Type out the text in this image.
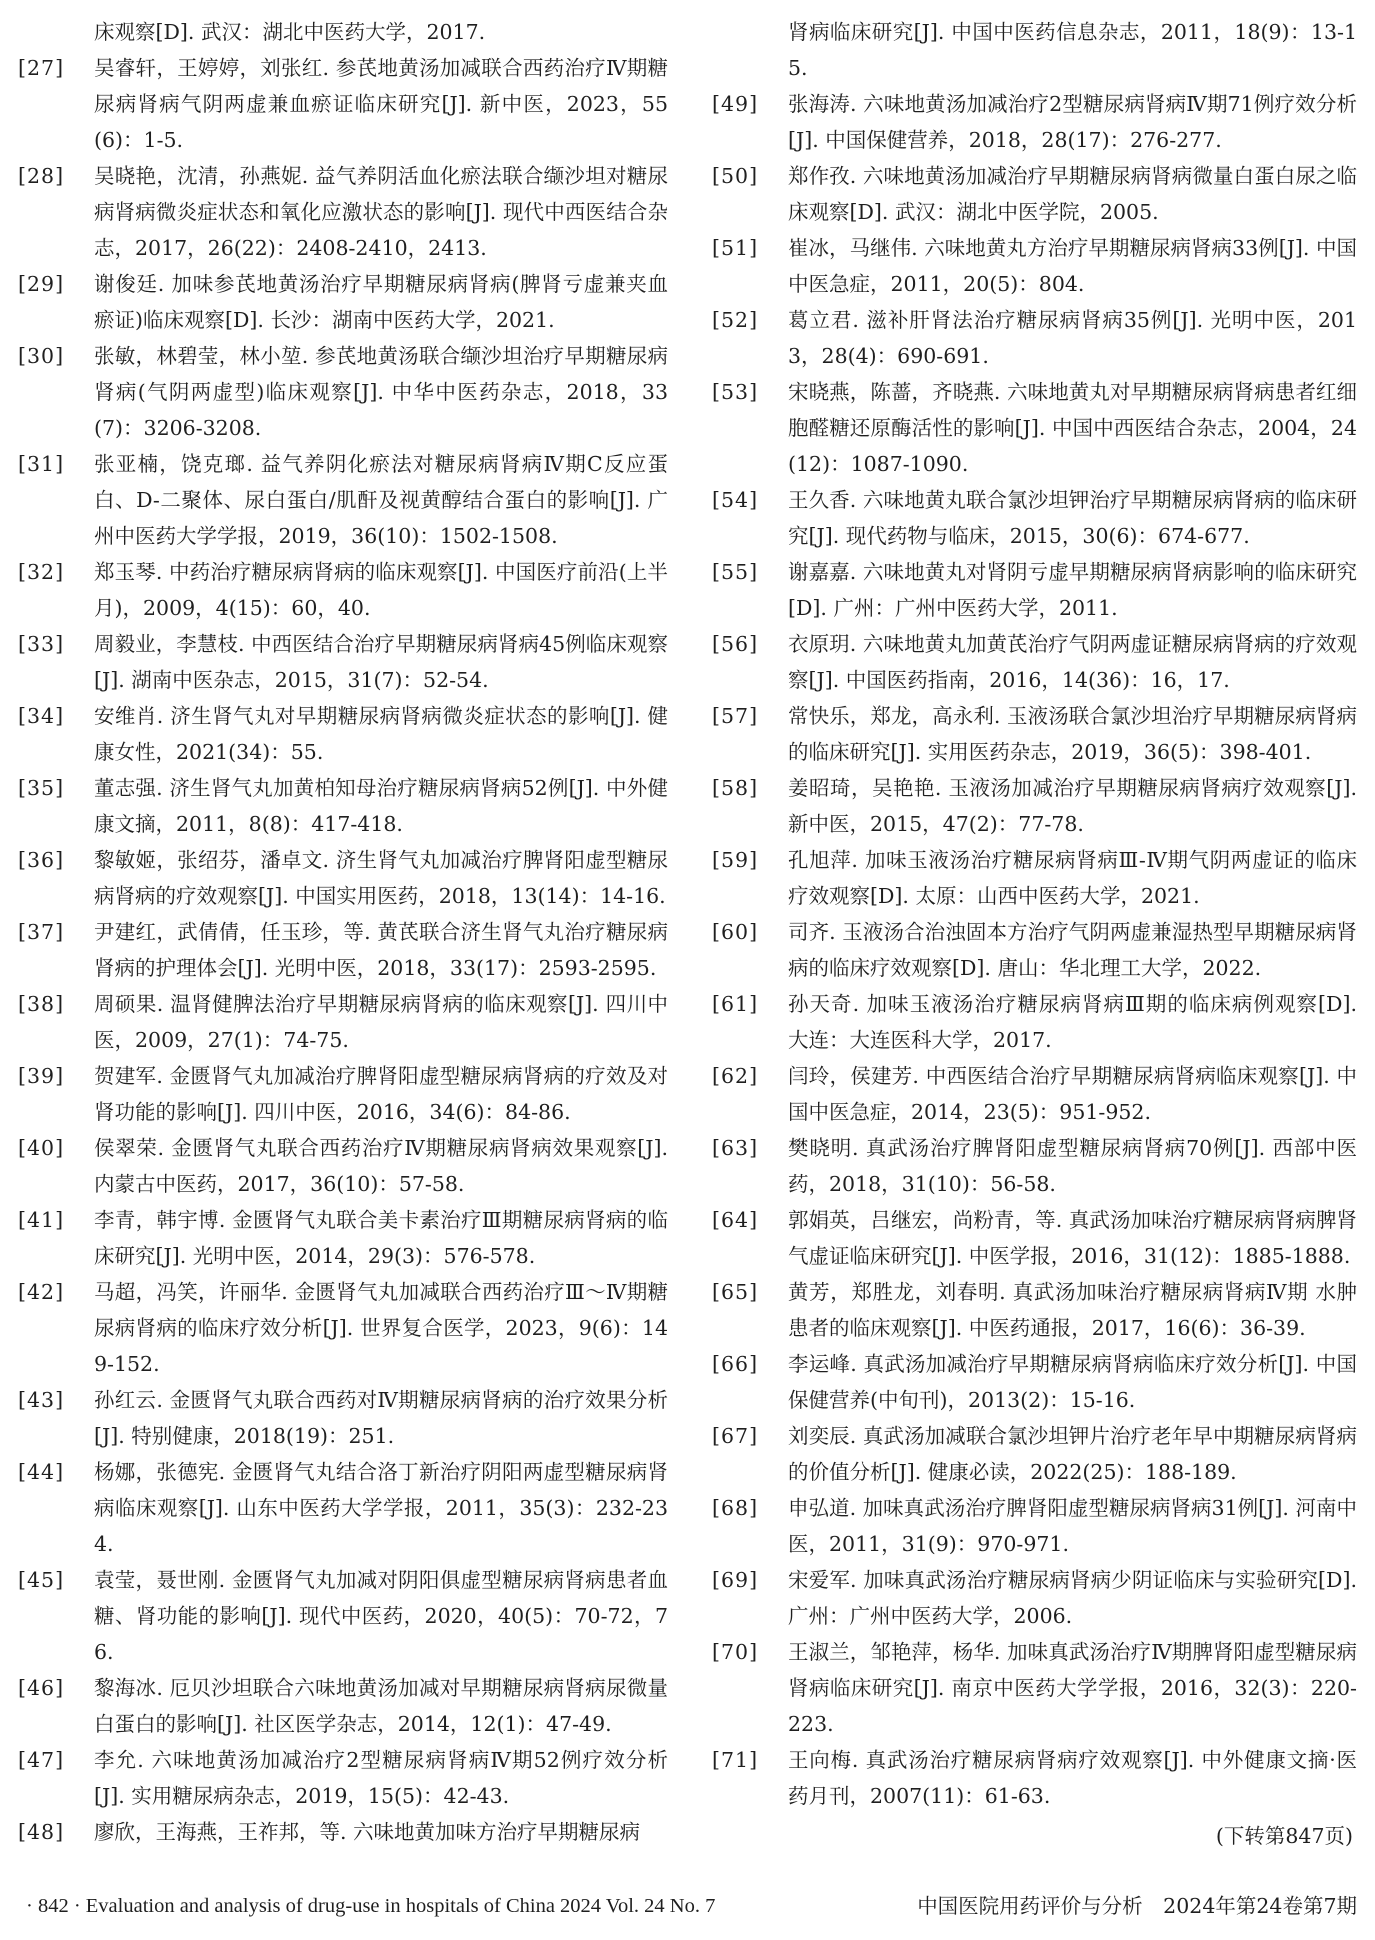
床观察[D]. 武汉：湖北中医药大学，2017.
[27]	吴睿轩，王婷婷，刘张红. 参芪地黄汤加减联合西药治疗Ⅳ期糖尿病肾病气阴两虚兼血瘀证临床研究[J]. 新中医，2023，55(6)：1-5.
[28]	吴晓艳，沈清，孙燕妮. 益气养阴活血化瘀法联合缬沙坦对糖尿病肾病微炎症状态和氧化应激状态的影响[J]. 现代中西医结合杂志，2017，26(22)：2408-2410，2413.
[29]	谢俊廷. 加味参芪地黄汤治疗早期糖尿病肾病(脾肾亏虚兼夹血瘀证)临床观察[D]. 长沙：湖南中医药大学，2021.
[30]	张敏，林碧莹，林小堃. 参芪地黄汤联合缬沙坦治疗早期糖尿病肾病(气阴两虚型)临床观察[J]. 中华中医药杂志，2018，33(7)：3206-3208.
[31]	张亚楠，饶克瑯. 益气养阴化瘀法对糖尿病肾病Ⅳ期C反应蛋白、D-二聚体、尿白蛋白/肌酐及视黄醇结合蛋白的影响[J]. 广州中医药大学学报，2019，36(10)：1502-1508.
[32]	郑玉琴. 中药治疗糖尿病肾病的临床观察[J]. 中国医疗前沿(上半月)，2009，4(15)：60，40.
[33]	周毅业，李慧枝. 中西医结合治疗早期糖尿病肾病45例临床观察[J]. 湖南中医杂志，2015，31(7)：52-54.
[34]	安维肖. 济生肾气丸对早期糖尿病肾病微炎症状态的影响[J]. 健康女性，2021(34)：55.
[35]	董志强. 济生肾气丸加黄柏知母治疗糖尿病肾病52例[J]. 中外健康文摘，2011，8(8)：417-418.
[36]	黎敏姬，张绍芬，潘卓文. 济生肾气丸加减治疗脾肾阳虚型糖尿病肾病的疗效观察[J]. 中国实用医药，2018，13(14)：14-16.
[37]	尹建红，武倩倩，任玉珍，等. 黄芪联合济生肾气丸治疗糖尿病肾病的护理体会[J]. 光明中医，2018，33(17)：2593-2595.
[38]	周硕果. 温肾健脾法治疗早期糖尿病肾病的临床观察[J]. 四川中医，2009，27(1)：74-75.
[39]	贺建军. 金匮肾气丸加减治疗脾肾阳虚型糖尿病肾病的疗效及对肾功能的影响[J]. 四川中医，2016，34(6)：84-86.
[40]	侯翠荣. 金匮肾气丸联合西药治疗Ⅳ期糖尿病肾病效果观察[J]. 内蒙古中医药，2017，36(10)：57-58.
[41]	李青，韩宇博. 金匮肾气丸联合美卡素治疗Ⅲ期糖尿病肾病的临床研究[J]. 光明中医，2014，29(3)：576-578.
[42]	马超，冯笑，许丽华. 金匮肾气丸加减联合西药治疗Ⅲ～Ⅳ期糖尿病肾病的临床疗效分析[J]. 世界复合医学，2023，9(6)：149-152.
[43]	孙红云. 金匮肾气丸联合西药对Ⅳ期糖尿病肾病的治疗效果分析[J]. 特别健康，2018(19)：251.
[44]	杨娜，张德宪. 金匮肾气丸结合洛丁新治疗阴阳两虚型糖尿病肾病临床观察[J]. 山东中医药大学学报，2011，35(3)：232-234.
[45]	袁莹，聂世刚. 金匮肾气丸加减对阴阳俱虚型糖尿病肾病患者血糖、肾功能的影响[J]. 现代中医药，2020，40(5)：70-72，76.
[46]	黎海冰. 厄贝沙坦联合六味地黄汤加减对早期糖尿病肾病尿微量白蛋白的影响[J]. 社区医学杂志，2014，12(1)：47-49.
[47]	李允. 六味地黄汤加减治疗2型糖尿病肾病Ⅳ期52例疗效分析[J]. 实用糖尿病杂志，2019，15(5)：42-43.
[48]	廖欣，王海燕，王祚邦，等. 六味地黄加味方治疗早期糖尿病
肾病临床研究[J]. 中国中医药信息杂志，2011，18(9)：13-15.
[49]	张海涛. 六味地黄汤加减治疗2型糖尿病肾病Ⅳ期71例疗效分析[J]. 中国保健营养，2018，28(17)：276-277.
[50]	郑作孜. 六味地黄汤加减治疗早期糖尿病肾病微量白蛋白尿之临床观察[D]. 武汉：湖北中医学院，2005.
[51]	崔冰，马继伟. 六味地黄丸方治疗早期糖尿病肾病33例[J]. 中国中医急症，2011，20(5)：804.
[52]	葛立君. 滋补肝肾法治疗糖尿病肾病35例[J]. 光明中医，2013，28(4)：690-691.
[53]	宋晓燕，陈蔷，齐晓燕. 六味地黄丸对早期糖尿病肾病患者红细胞醛糖还原酶活性的影响[J]. 中国中西医结合杂志，2004，24(12)：1087-1090.
[54]	王久香. 六味地黄丸联合氯沙坦钾治疗早期糖尿病肾病的临床研究[J]. 现代药物与临床，2015，30(6)：674-677.
[55]	谢嘉嘉. 六味地黄丸对肾阴亏虚早期糖尿病肾病影响的临床研究[D]. 广州：广州中医药大学，2011.
[56]	衣原玥. 六味地黄丸加黄芪治疗气阴两虚证糖尿病肾病的疗效观察[J]. 中国医药指南，2016，14(36)：16，17.
[57]	常快乐，郑龙，高永利. 玉液汤联合氯沙坦治疗早期糖尿病肾病的临床研究[J]. 实用医药杂志，2019，36(5)：398-401.
[58]	姜昭琦，吴艳艳. 玉液汤加减治疗早期糖尿病肾病疗效观察[J]. 新中医，2015，47(2)：77-78.
[59]	孔旭萍. 加味玉液汤治疗糖尿病肾病Ⅲ-Ⅳ期气阴两虚证的临床疗效观察[D]. 太原：山西中医药大学，2021.
[60]	司齐. 玉液汤合治浊固本方治疗气阴两虚兼湿热型早期糖尿病肾病的临床疗效观察[D]. 唐山：华北理工大学，2022.
[61]	孙天奇. 加味玉液汤治疗糖尿病肾病Ⅲ期的临床病例观察[D]. 大连：大连医科大学，2017.
[62]	闫玲，侯建芳. 中西医结合治疗早期糖尿病肾病临床观察[J]. 中国中医急症，2014，23(5)：951-952.
[63]	樊晓明. 真武汤治疗脾肾阳虚型糖尿病肾病70例[J]. 西部中医药，2018，31(10)：56-58.
[64]	郭娟英，吕继宏，尚粉青，等. 真武汤加味治疗糖尿病肾病脾肾气虚证临床研究[J]. 中医学报，2016，31(12)：1885-1888.
[65]	黄芳，郑胜龙，刘春明. 真武汤加味治疗糖尿病肾病Ⅳ期 水肿患者的临床观察[J]. 中医药通报，2017，16(6)：36-39.
[66]	李运峰. 真武汤加减治疗早期糖尿病肾病临床疗效分析[J]. 中国保健营养(中旬刊)，2013(2)：15-16.
[67]	刘奕辰. 真武汤加减联合氯沙坦钾片治疗老年早中期糖尿病肾病的价值分析[J]. 健康必读，2022(25)：188-189.
[68]	申弘道. 加味真武汤治疗脾肾阳虚型糖尿病肾病31例[J]. 河南中医，2011，31(9)：970-971.
[69]	宋爱军. 加味真武汤治疗糖尿病肾病少阴证临床与实验研究[D]. 广州：广州中医药大学，2006.
[70]	王淑兰，邹艳萍，杨华. 加味真武汤治疗Ⅳ期脾肾阳虚型糖尿病肾病临床研究[J]. 南京中医药大学学报，2016，32(3)：220-223.
[71]	王向梅. 真武汤治疗糖尿病肾病疗效观察[J]. 中外健康文摘·医药月刊，2007(11)：61-63.
(下转第847页)
· 842 · Evaluation and analysis of drug-use in hospitals of China 2024 Vol. 24 No. 7	中国医院用药评价与分析　2024年第24卷第7期
